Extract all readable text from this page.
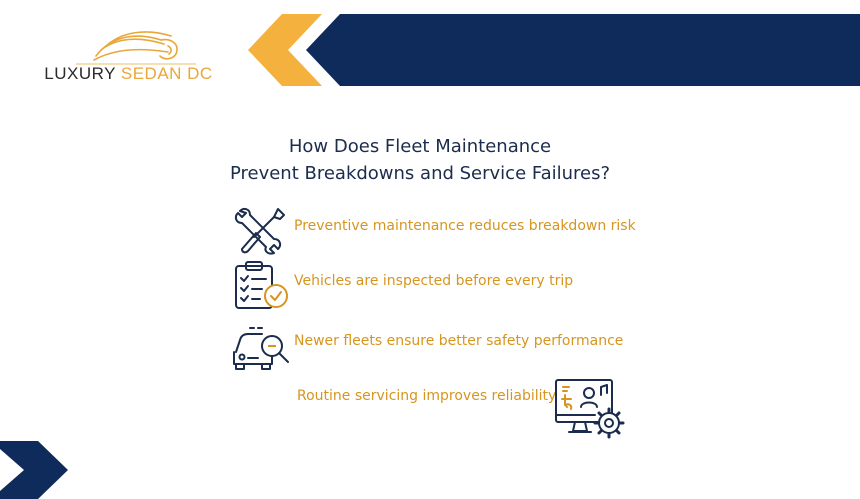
LUXURY SEDAN DC
How Does Fleet Maintenance
Prevent Breakdowns and Service Failures?
Preventive maintenance reduces breakdown risk
Vehicles are inspected before every trip
Newer fleets ensure better safety performance
Routine servicing improves reliability
